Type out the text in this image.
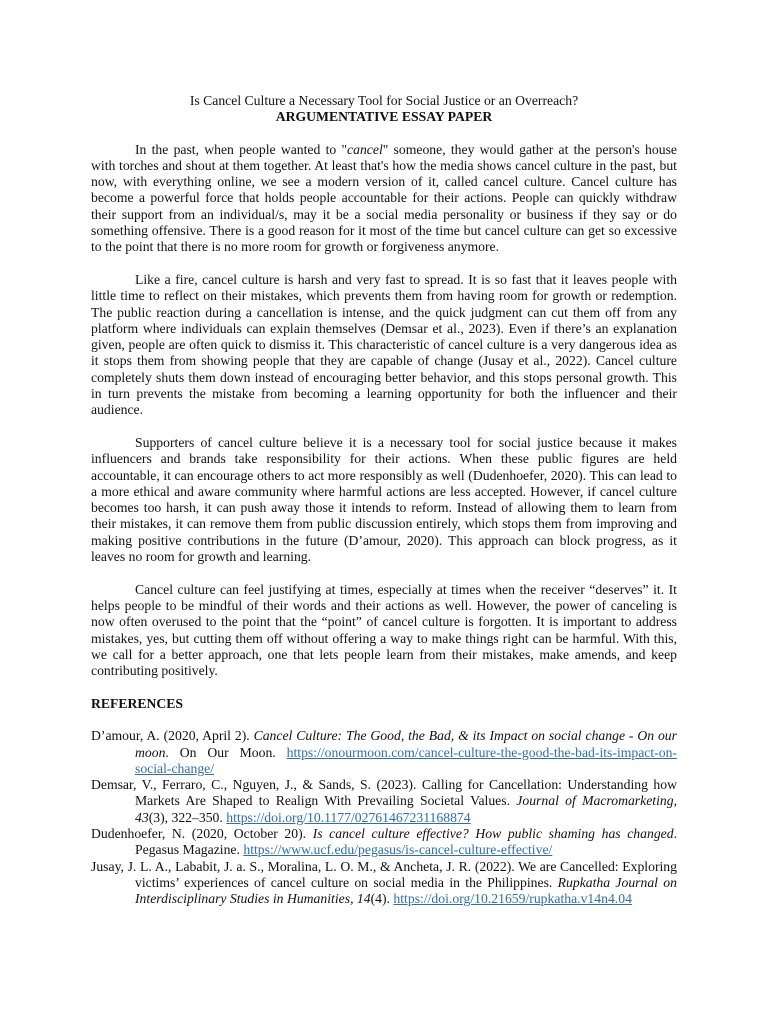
Is Cancel Culture a Necessary Tool for Social Justice or an Overreach?

ARGUMENTATIVE ESSAY PAPER

In the past, when people wanted to "cancel" someone, they would gather at the person's house with torches and shout at them together. At least that's how the media shows cancel culture in the past, but now, with everything online, we see a modern version of it, called cancel culture. Cancel culture has become a powerful force that holds people accountable for their actions. People can quickly withdraw their support from an individual/s, may it be a social media personality or business if they say or do something offensive. There is a good reason for it most of the time but cancel culture can get so excessive to the point that there is no more room for growth or forgiveness anymore.

Like a fire, cancel culture is harsh and very fast to spread. It is so fast that it leaves people with little time to reflect on their mistakes, which prevents them from having room for growth or redemption. The public reaction during a cancellation is intense, and the quick judgment can cut them off from any platform where individuals can explain themselves (Demsar et al., 2023). Even if there’s an explanation given, people are often quick to dismiss it. This characteristic of cancel culture is a very dangerous idea as it stops them from showing people that they are capable of change (Jusay et al., 2022). Cancel culture completely shuts them down instead of encouraging better behavior, and this stops personal growth. This in turn prevents the mistake from becoming a learning opportunity for both the influencer and their audience.

Supporters of cancel culture believe it is a necessary tool for social justice because it makes influencers and brands take responsibility for their actions. When these public figures are held accountable, it can encourage others to act more responsibly as well (Dudenhoefer, 2020). This can lead to a more ethical and aware community where harmful actions are less accepted. However, if cancel culture becomes too harsh, it can push away those it intends to reform. Instead of allowing them to learn from their mistakes, it can remove them from public discussion entirely, which stops them from improving and making positive contributions in the future (D’amour, 2020). This approach can block progress, as it leaves no room for growth and learning.

Cancel culture can feel justifying at times, especially at times when the receiver “deserves” it. It helps people to be mindful of their words and their actions as well. However, the power of canceling is now often overused to the point that the “point” of cancel culture is forgotten. It is important to address mistakes, yes, but cutting them off without offering a way to make things right can be harmful. With this, we call for a better approach, one that lets people learn from their mistakes, make amends, and keep contributing positively.

REFERENCES

D’amour, A. (2020, April 2). Cancel Culture: The Good, the Bad, & its Impact on social change - On our moon. On Our Moon. https://onourmoon.com/cancel-culture-the-good-the-bad-its-impact-on-social-change/

Demsar, V., Ferraro, C., Nguyen, J., & Sands, S. (2023). Calling for Cancellation: Understanding how Markets Are Shaped to Realign With Prevailing Societal Values. Journal of Macromarketing, 43(3), 322–350. https://doi.org/10.1177/02761467231168874

Dudenhoefer, N. (2020, October 20). Is cancel culture effective? How public shaming has changed. Pegasus Magazine. https://www.ucf.edu/pegasus/is-cancel-culture-effective/

Jusay, J. L. A., Lababit, J. a. S., Moralina, L. O. M., & Ancheta, J. R. (2022). We are Cancelled: Exploring victims’ experiences of cancel culture on social media in the Philippines. Rupkatha Journal on Interdisciplinary Studies in Humanities, 14(4). https://doi.org/10.21659/rupkatha.v14n4.04
